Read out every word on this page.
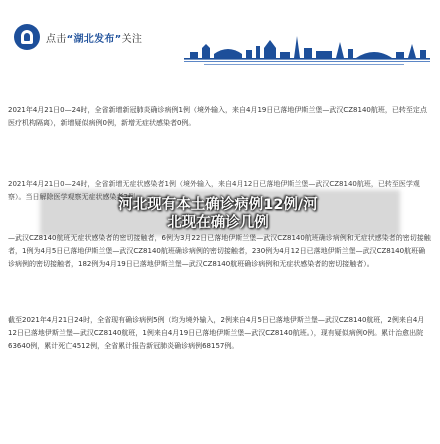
点击“湖北发布”关注
2021年4月21日0—24时，全省新增新冠肺炎确诊病例1例（境外输入，来自4月19日已落地伊斯兰堡—武汉CZ8140航班，已转至定点医疗机构隔离），新增疑似病例0例，新增无症状感染者0例。
2021年4月21日0—24时，全省新增无症状感染者1例（境外输入，来自4月12日已落地伊斯兰堡—武汉CZ8140航班，已转至医学观察）。当日解除医学观察无症状感染者2例。
—武汉CZ8140航班无症状感染者的密切接触者，6例为3月22日已落地伊斯兰堡—武汉CZ8140航班确诊病例和无症状感染者的密切接触者，1例为4月5日已落地伊斯兰堡—武汉CZ8140航班确诊病例的密切接触者，230例为4月12日已落地伊斯兰堡—武汉CZ8140航班确诊病例的密切接触者，182例为4月19日已落地伊斯兰堡—武汉CZ8140航班确诊病例和无症状感染者的密切接触者）。
截至2021年4月21日24时，全省现有确诊病例5例（均为境外输入，2例来自4月5日已落地伊斯兰堡—武汉CZ8140航班，2例来自4月12日已落地伊斯兰堡—武汉CZ8140航班，1例来自4月19日已落地伊斯兰堡—武汉CZ8140航班。），现有疑似病例0例。累计治愈出院63640例，累计死亡4512例，全省累计报告新冠肺炎确诊病例68157例。
河北现有本土确诊病例12例/河
北现在确诊几例
